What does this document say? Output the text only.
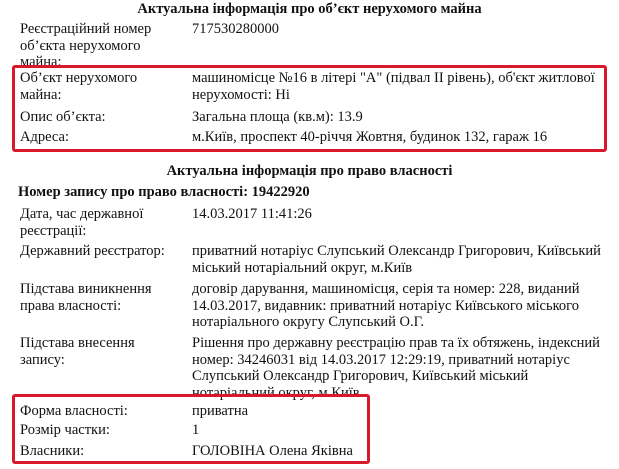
Актуальна інформація про об’єкт нерухомого майна
Реєстраційний номер об’єкта нерухомого майна:
717530280000
Об’єкт нерухомого майна:
машиномісце №16 в літері "А" (підвал ІІ рівень), об'єкт житлової нерухомості: Ні
Опис об’єкта:	Загальна площа (кв.м): 13.9
Адреса:	м.Київ, проспект 40-річчя Жовтня, будинок 132, гараж 16
Актуальна інформація про право власності
Номер запису про право власності: 19422920
Дата, час державної реєстрації:
14.03.2017 11:41:26
Державний реєстратор:	приватний нотаріус Слупський Олександр Григорович, Київський міський нотаріальний округ, м.Київ
Підстава виникнення права власності:
договір дарування, машиномісця, серія та номер: 228, виданий 14.03.2017, видавник: приватний нотаріус Київського міського нотаріального округу Слупський О.Г.
Підстава внесення запису:
Рішення про державну реєстрацію прав та їх обтяжень, індексний номер: 34246031 від 14.03.2017 12:29:19, приватний нотаріус Слупський Олександр Григорович, Київський міський нотаріальний округ, м.Київ
Форма власності:	приватна
Розмір частки:	1
Власники:	ГОЛОВІНА Олена Яківна
